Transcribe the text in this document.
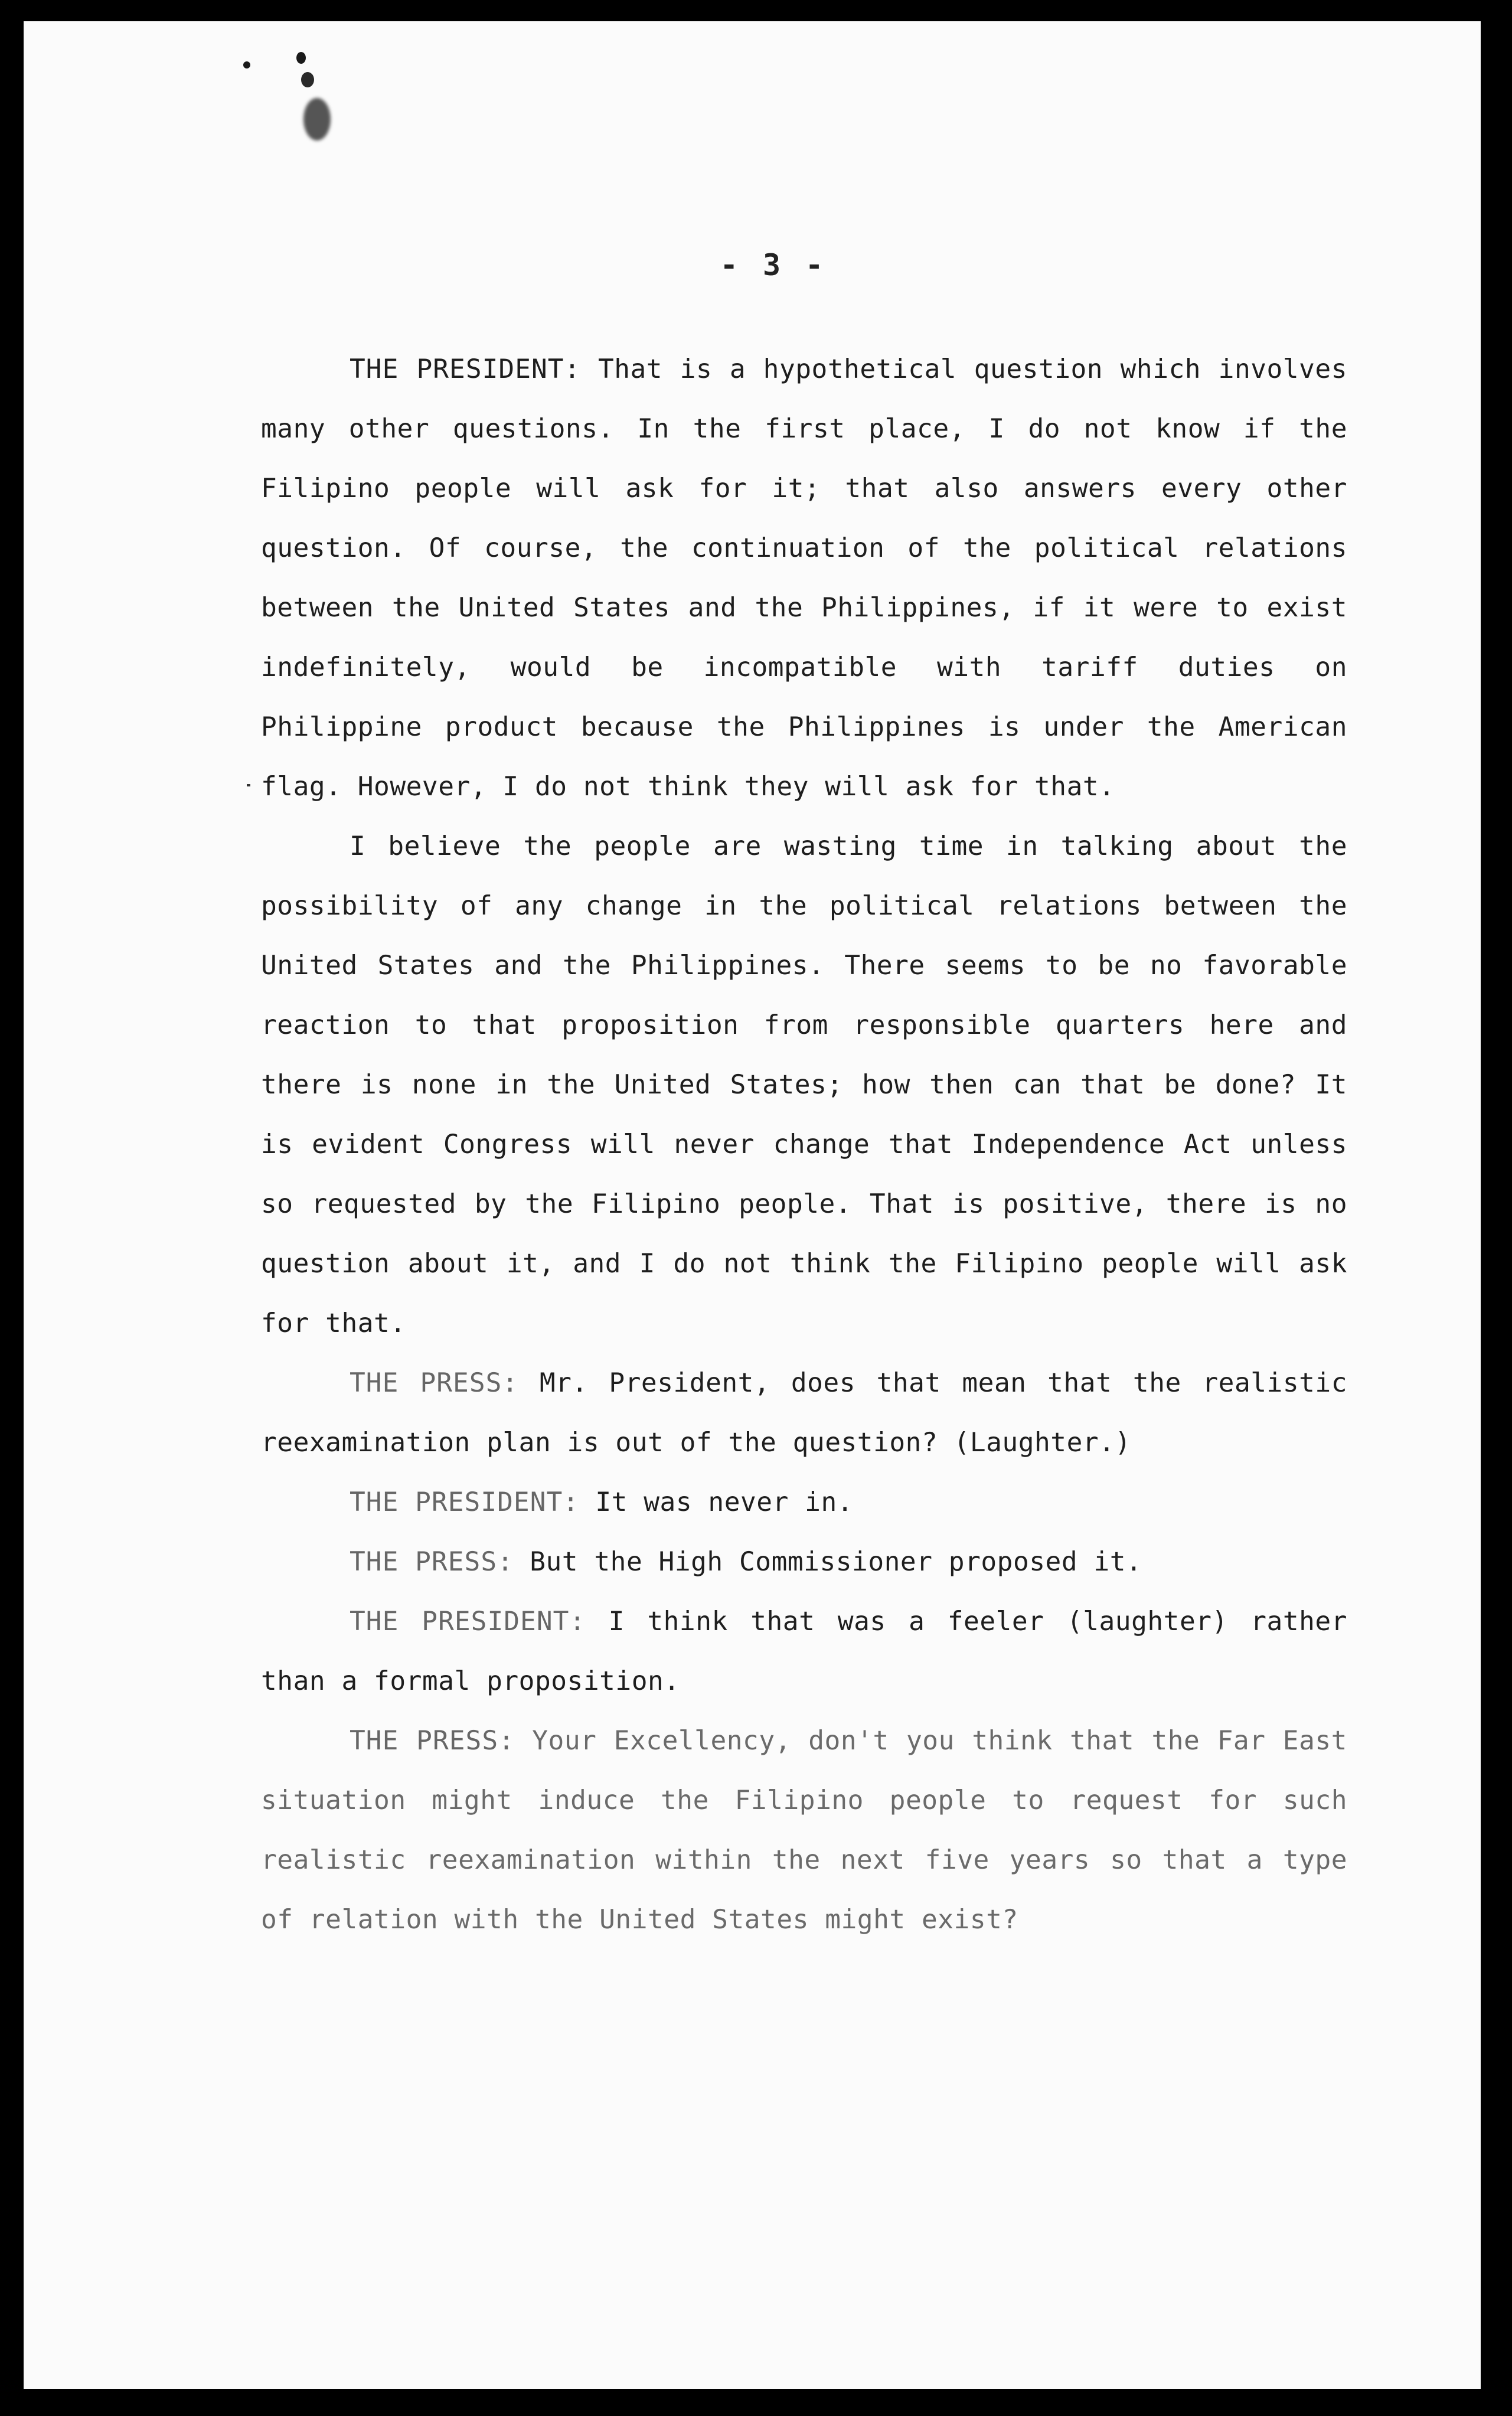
- 3 -

THE PRESIDENT: That is a hypothetical question which involves many other questions. In the first place, I do not know if the Filipino people will ask for it; that also answers every other question. Of course, the continuation of the political relations between the United States and the Philippines, if it were to exist indefinitely, would be incompatible with tariff duties on Philippine product because the Philippines is under the American flag. However, I do not think they will ask for that.

I believe the people are wasting time in talking about the possibility of any change in the political relations between the United States and the Philippines. There seems to be no favorable reaction to that proposition from responsible quarters here and there is none in the United States; how then can that be done? It is evident Congress will never change that Independence Act unless so requested by the Filipino people. That is positive, there is no question about it, and I do not think the Filipino people will ask for that.

THE PRESS: Mr. President, does that mean that the realistic reexamination plan is out of the question? (Laughter.)

THE PRESIDENT: It was never in.

THE PRESS: But the High Commissioner proposed it.

THE PRESIDENT: I think that was a feeler (laughter) rather than a formal proposition.

THE PRESS: Your Excellency, don't you think that the Far East situation might induce the Filipino people to request for such realistic reexamination within the next five years so that a type of relation with the United States might exist?
